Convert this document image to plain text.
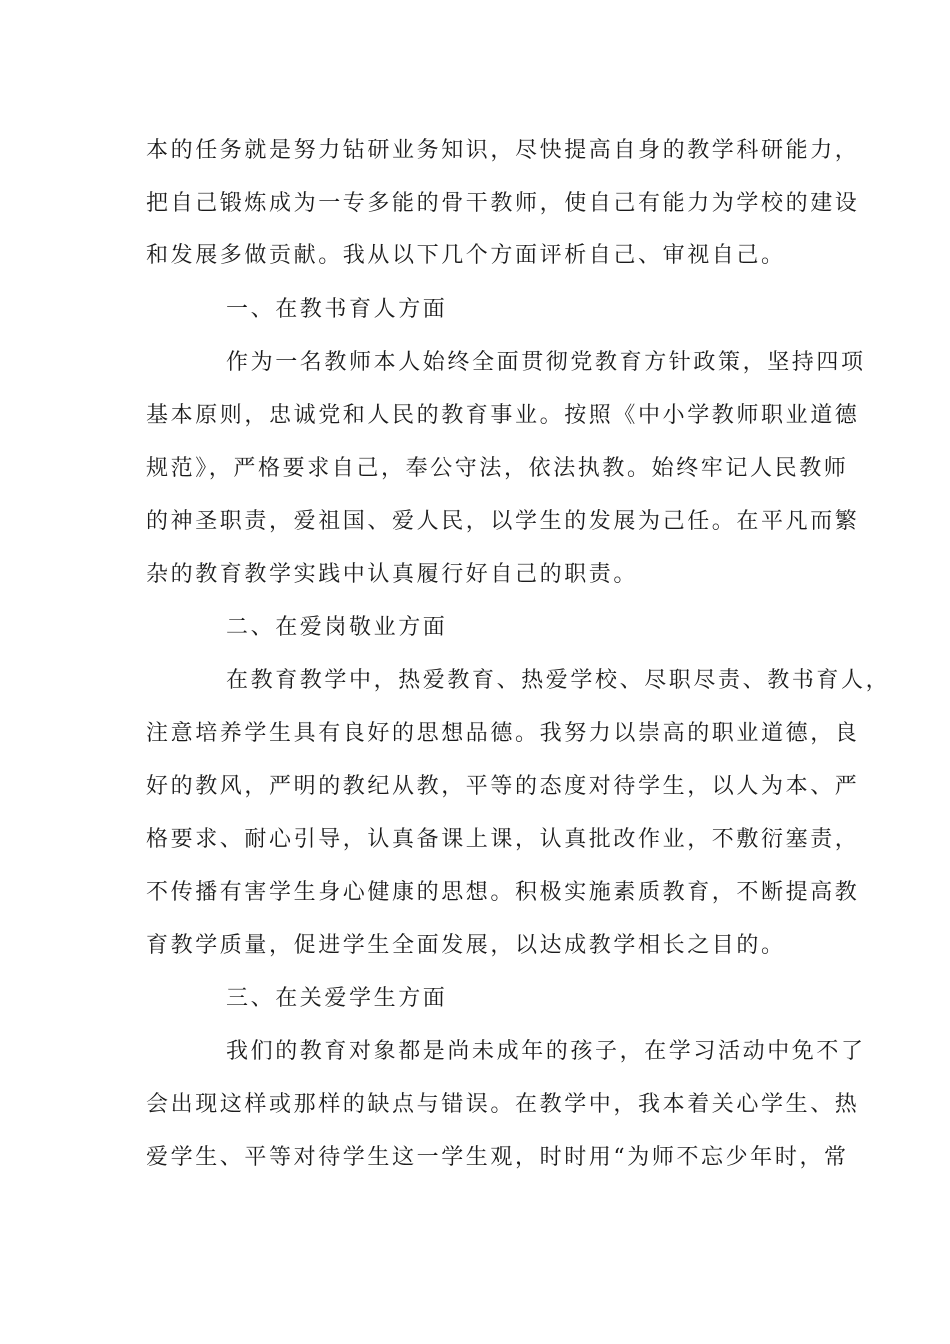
本的任务就是努力钻研业务知识，尽快提高自身的教学科研能力，
把自己锻炼成为一专多能的骨干教师，使自己有能力为学校的建设
和发展多做贡献。我从以下几个方面评析自己、审视自己。
一、在教书育人方面
作为一名教师本人始终全面贯彻党教育方针政策，坚持四项
基本原则，忠诚党和人民的教育事业。按照《中小学教师职业道德
规范》，严格要求自己，奉公守法，依法执教。始终牢记人民教师
的神圣职责，爱祖国、爱人民，以学生的发展为己任。在平凡而繁
杂的教育教学实践中认真履行好自己的职责。
二、在爱岗敬业方面
在教育教学中，热爱教育、热爱学校、尽职尽责、教书育人，
注意培养学生具有良好的思想品德。我努力以崇高的职业道德，良
好的教风，严明的教纪从教，平等的态度对待学生，以人为本、严
格要求、耐心引导，认真备课上课，认真批改作业，不敷衍塞责，
不传播有害学生身心健康的思想。积极实施素质教育，不断提高教
育教学质量，促进学生全面发展，以达成教学相长之目的。
三、在关爱学生方面
我们的教育对象都是尚未成年的孩子，在学习活动中免不了
会出现这样或那样的缺点与错误。在教学中，我本着关心学生、热
爱学生、平等对待学生这一学生观，时时用“为师不忘少年时，常
